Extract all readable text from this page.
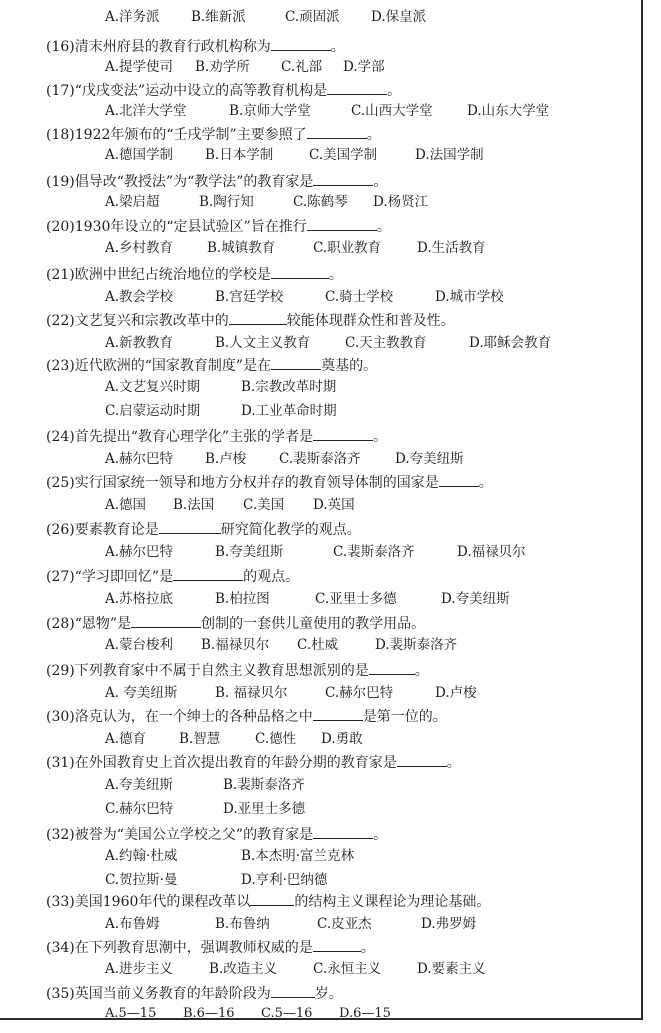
A.洋务派 B.维新派	C.顽固派 D.保皇派
(16)清末州府县的教育行政机构称为	。
A.提学使司 B.劝学所 C.礼部 D.学部
(17)“戊戌变法”运动中设立的高等教育机构是	。
A.北洋大学堂	B.京师大学堂	C.山西大学堂	D.山东大学堂
(18)1922年颁布的“壬戌学制”主要参照了	。
A.德国学制 B.日本学制	C.美国学制	D.法国学制
(19)倡导改“教授法”为“教学法”的教育家是	。
A.梁启超	B.陶行知	C.陈鹤琴 D.杨贤江
(20)1930年设立的“定县试验区”旨在推行	。
A.乡村教育	B.城镇教育	C.职业教育	D.生活教育
(21)欧洲中世纪占统治地位的学校是	。
A.教会学校	B.宫廷学校	C.骑士学校	D.城市学校
(22)文艺复兴和宗教改革中的	较能体现群众性和普及性。
A.新教教育	B.人文主义教育	C.天主教教育	D.耶稣会教育
(23)近代欧洲的“国家教育制度”是在	奠基的。
A.文艺复兴时期	B.宗教改革时期
C.启蒙运动时期	D.工业革命时期
(24)首先提出“教育心理学化”主张的学者是	。
A.赫尔巴特 B.卢梭 C.裴斯泰洛齐	D.夸美纽斯
(25)实行国家统一领导和地方分权并存的教育领导体制的国家是	。
A.德国 B.法国 C.美国 D.英国
(26)要素教育论是	研究简化教学的观点。
A.赫尔巴特	B.夸美纽斯	C.裴斯泰洛齐	D.福禄贝尔
(27)“学习即回忆”是	的观点。
A.苏格拉底	B.柏拉图	C.亚里士多德	D.夸美纽斯
(28)“恩物”是	创制的一套供儿童使用的教学用品。
A.蒙台梭利 B.福禄贝尔 C.杜威	D.裴斯泰洛齐
(29)下列教育家中不属于自然主义教育思想派别的是	。
A. 夸美纽斯	B. 福禄贝尔	C.赫尔巴特	D.卢梭
(30)洛克认为，在一个绅士的各种品格之中	是第一位的。
A.德育 B.智慧	C.德性 D.勇敢
(31)在外国教育史上首次提出教育的年龄分期的教育家是	。
A.夸美纽斯	B.裴斯泰洛齐
C.赫尔巴特	D.亚里士多德
(32)被誉为“美国公立学校之父”的教育家是	。
A.约翰·杜威	B.本杰明·富兰克林
C.贺拉斯·曼	D.亨利·巴纳德
(33)美国1960年代的课程改革以	的结构主义课程论为理论基础。
A.布鲁姆	B.布鲁纳	C.皮亚杰	D.弗罗姆
(34)在下列教育思潮中，强调教师权威的是	。
A.进步主义	B.改造主义	C.永恒主义	D.要素主义
(35)英国当前义务教育的年龄阶段为	岁。
A.5—15 B.6—16 C.5—16 D.6—15
